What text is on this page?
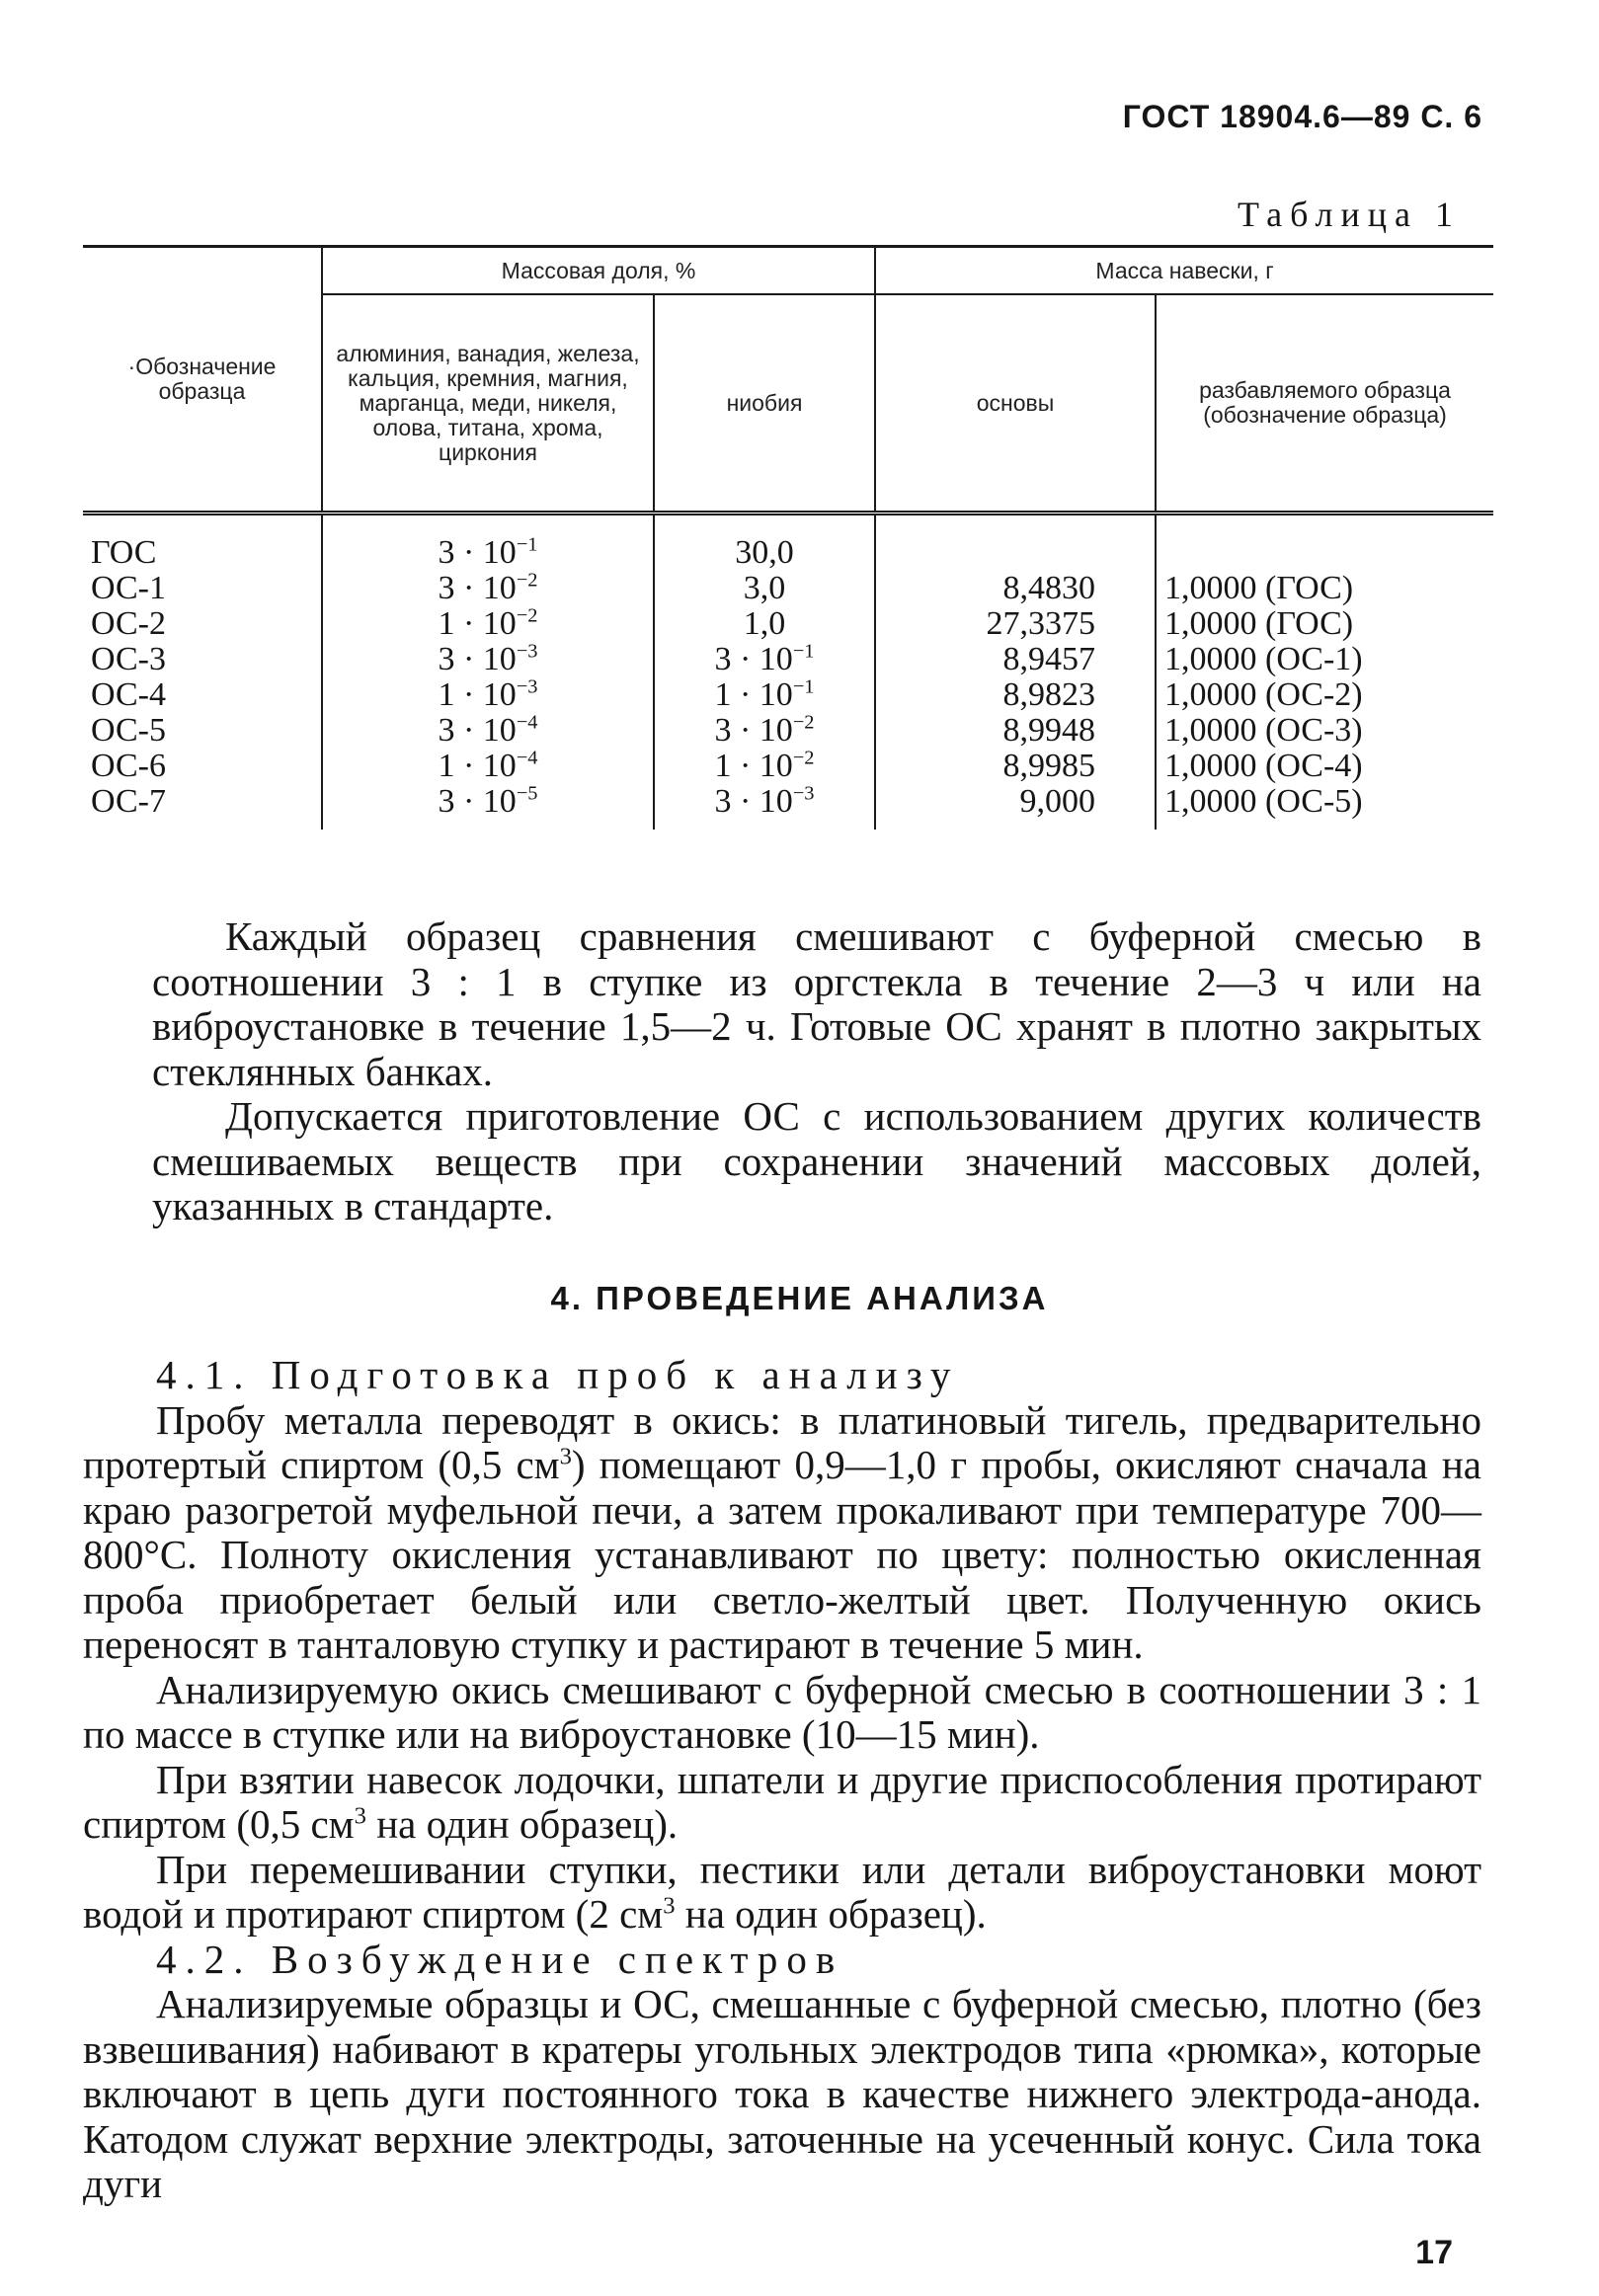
ГОСТ 18904.6—89 С. 6
Таблица 1
·Обозначение образца	Массовая доля, %		Масса навески, г	
	алюминия, ванадия, железа, кальция, кремния, магния, марганца, меди, никеля, олова, титана, хрома, циркония	ниобия	основы	разбавляемого образца (обозначение образца)
ГОС	$3 \cdot 10^{-1}$	30,0		
ОС-1	$3 \cdot 10^{-2}$	3,0	8,4830	1,0000 (ГОС)
ОС-2	$1 \cdot 10^{-2}$	1,0	27,3375	1,0000 (ГОС)
ОС-3	$3 \cdot 10^{-3}$	$3 \cdot 10^{-1}$	8,9457	1,0000 (ОС-1)
ОС-4	$1 \cdot 10^{-3}$	$1 \cdot 10^{-1}$	8,9823	1,0000 (ОС-2)
ОС-5	$3 \cdot 10^{-4}$	$3 \cdot 10^{-2}$	8,9948	1,0000 (ОС-3)
ОС-6	$1 \cdot 10^{-4}$	$1 \cdot 10^{-2}$	8,9985	1,0000 (ОС-4)
ОС-7	$3 \cdot 10^{-5}$	$3 \cdot 10^{-3}$	9,000	1,0000 (ОС-5)

Каждый образец сравнения смешивают с буферной смесью в соотношении 3 : 1 в ступке из оргстекла в течение 2—3 ч или на виброустановке в течение 1,5—2 ч. Готовые ОС хранят в плотно закрытых стеклянных банках.

Допускается приготовление ОС с использованием других количеств смешиваемых веществ при сохранении значений массовых долей, указанных в стандарте.

4. ПРОВЕДЕНИЕ АНАЛИЗА

4.1. Подготовка проб к анализу

Пробу металла переводят в окись: в платиновый тигель, предварительно протертый спиртом (0,5 $см^3$) помещают 0,9—1,0 г пробы, окисляют сначала на краю разогретой муфельной печи, а затем прокаливают при температуре 700—800°С. Полноту окисления устанавливают по цвету: полностью окисленная проба приобретает белый или светло-желтый цвет. Полученную окись переносят в танталовую ступку и растирают в течение 5 мин.

Анализируемую окись смешивают с буферной смесью в соотношении 3 : 1 по массе в ступке или на виброустановке (10—15 мин).

При взятии навесок лодочки, шпатели и другие приспособления протирают спиртом (0,5 $см^3$ на один образец).

При перемешивании ступки, пестики или детали виброустановки моют водой и протирают спиртом (2 $см^3$ на один образец).

4.2. Возбуждение спектров

Анализируемые образцы и ОС, смешанные с буферной смесью, плотно (без взвешивания) набивают в кратеры угольных электродов типа «рюмка», которые включают в цепь дуги постоянного тока в качестве нижнего электрода-анода. Катодом служат верхние электроды, заточенные на усеченный конус. Сила тока дуги

17
